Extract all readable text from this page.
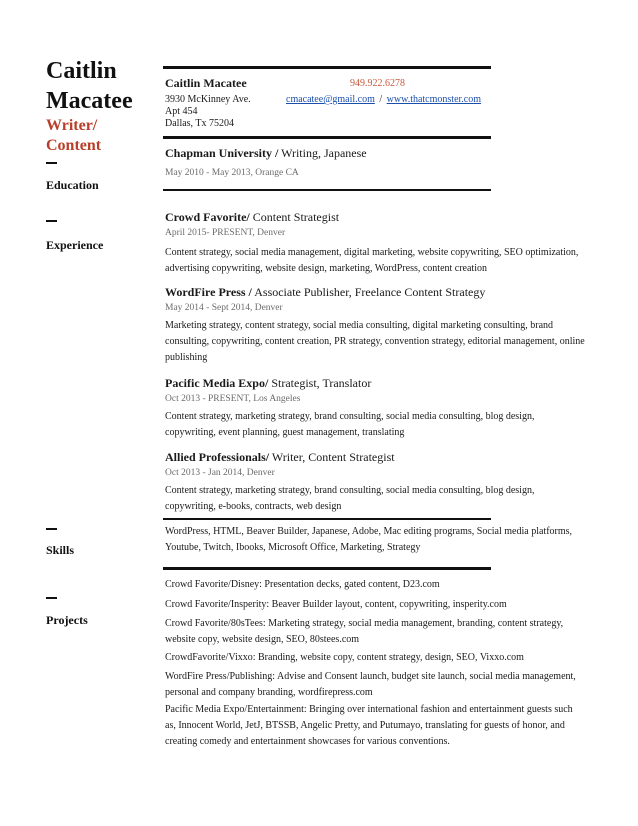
Caitlin
Macatee
Writer/
Content
Education
Experience
Skills
Projects
Caitlin Macatee	949.922.6278
3930 McKinney Ave.
Apt 454
Dallas, Tx 75204
cmacatee@gmail.com / www.thatcmonster.com
Chapman University / Writing, Japanese
May 2010 - May 2013, Orange CA
Crowd Favorite/ Content Strategist
April 2015- PRESENT, Denver
Content strategy, social media management, digital marketing, website copywriting, SEO optimization, advertising copywriting, website design, marketing, WordPress, content creation
WordFire Press / Associate Publisher, Freelance Content Strategy
May 2014 - Sept 2014, Denver
Marketing strategy, content strategy, social media consulting, digital marketing consulting, brand consulting, copywriting, content creation, PR strategy, convention strategy, editorial management, online publishing
Pacific Media Expo/ Strategist, Translator
Oct 2013 - PRESENT, Los Angeles
Content strategy, marketing strategy, brand consulting, social media consulting, blog design, copywriting, event planning, guest management, translating
Allied Professionals/ Writer, Content Strategist
Oct 2013 - Jan 2014, Denver
Content strategy, marketing strategy, brand consulting, social media consulting, blog design, copywriting, e-books, contracts, web design
WordPress, HTML, Beaver Builder, Japanese, Adobe, Mac editing programs, Social media platforms, Youtube, Twitch, Ibooks, Microsoft Office, Marketing, Strategy
Crowd Favorite/Disney: Presentation decks, gated content, D23.com
Crowd Favorite/Insperity: Beaver Builder layout, content, copywriting, insperity.com
Crowd Favorite/80sTees: Marketing strategy, social media management, branding, content strategy, website copy, website design, SEO, 80stees.com
CrowdFavorite/Vixxo: Branding, website copy, content strategy, design, SEO, Vixxo.com
WordFire Press/Publishing: Advise and Consent launch, budget site launch, social media management, personal and company branding, wordfirepress.com
Pacific Media Expo/Entertainment: Bringing over international fashion and entertainment guests such as, Innocent World, JetJ, BTSSB, Angelic Pretty, and Putumayo, translating for guests of honor, and creating comedy and entertainment showcases for various conventions.
